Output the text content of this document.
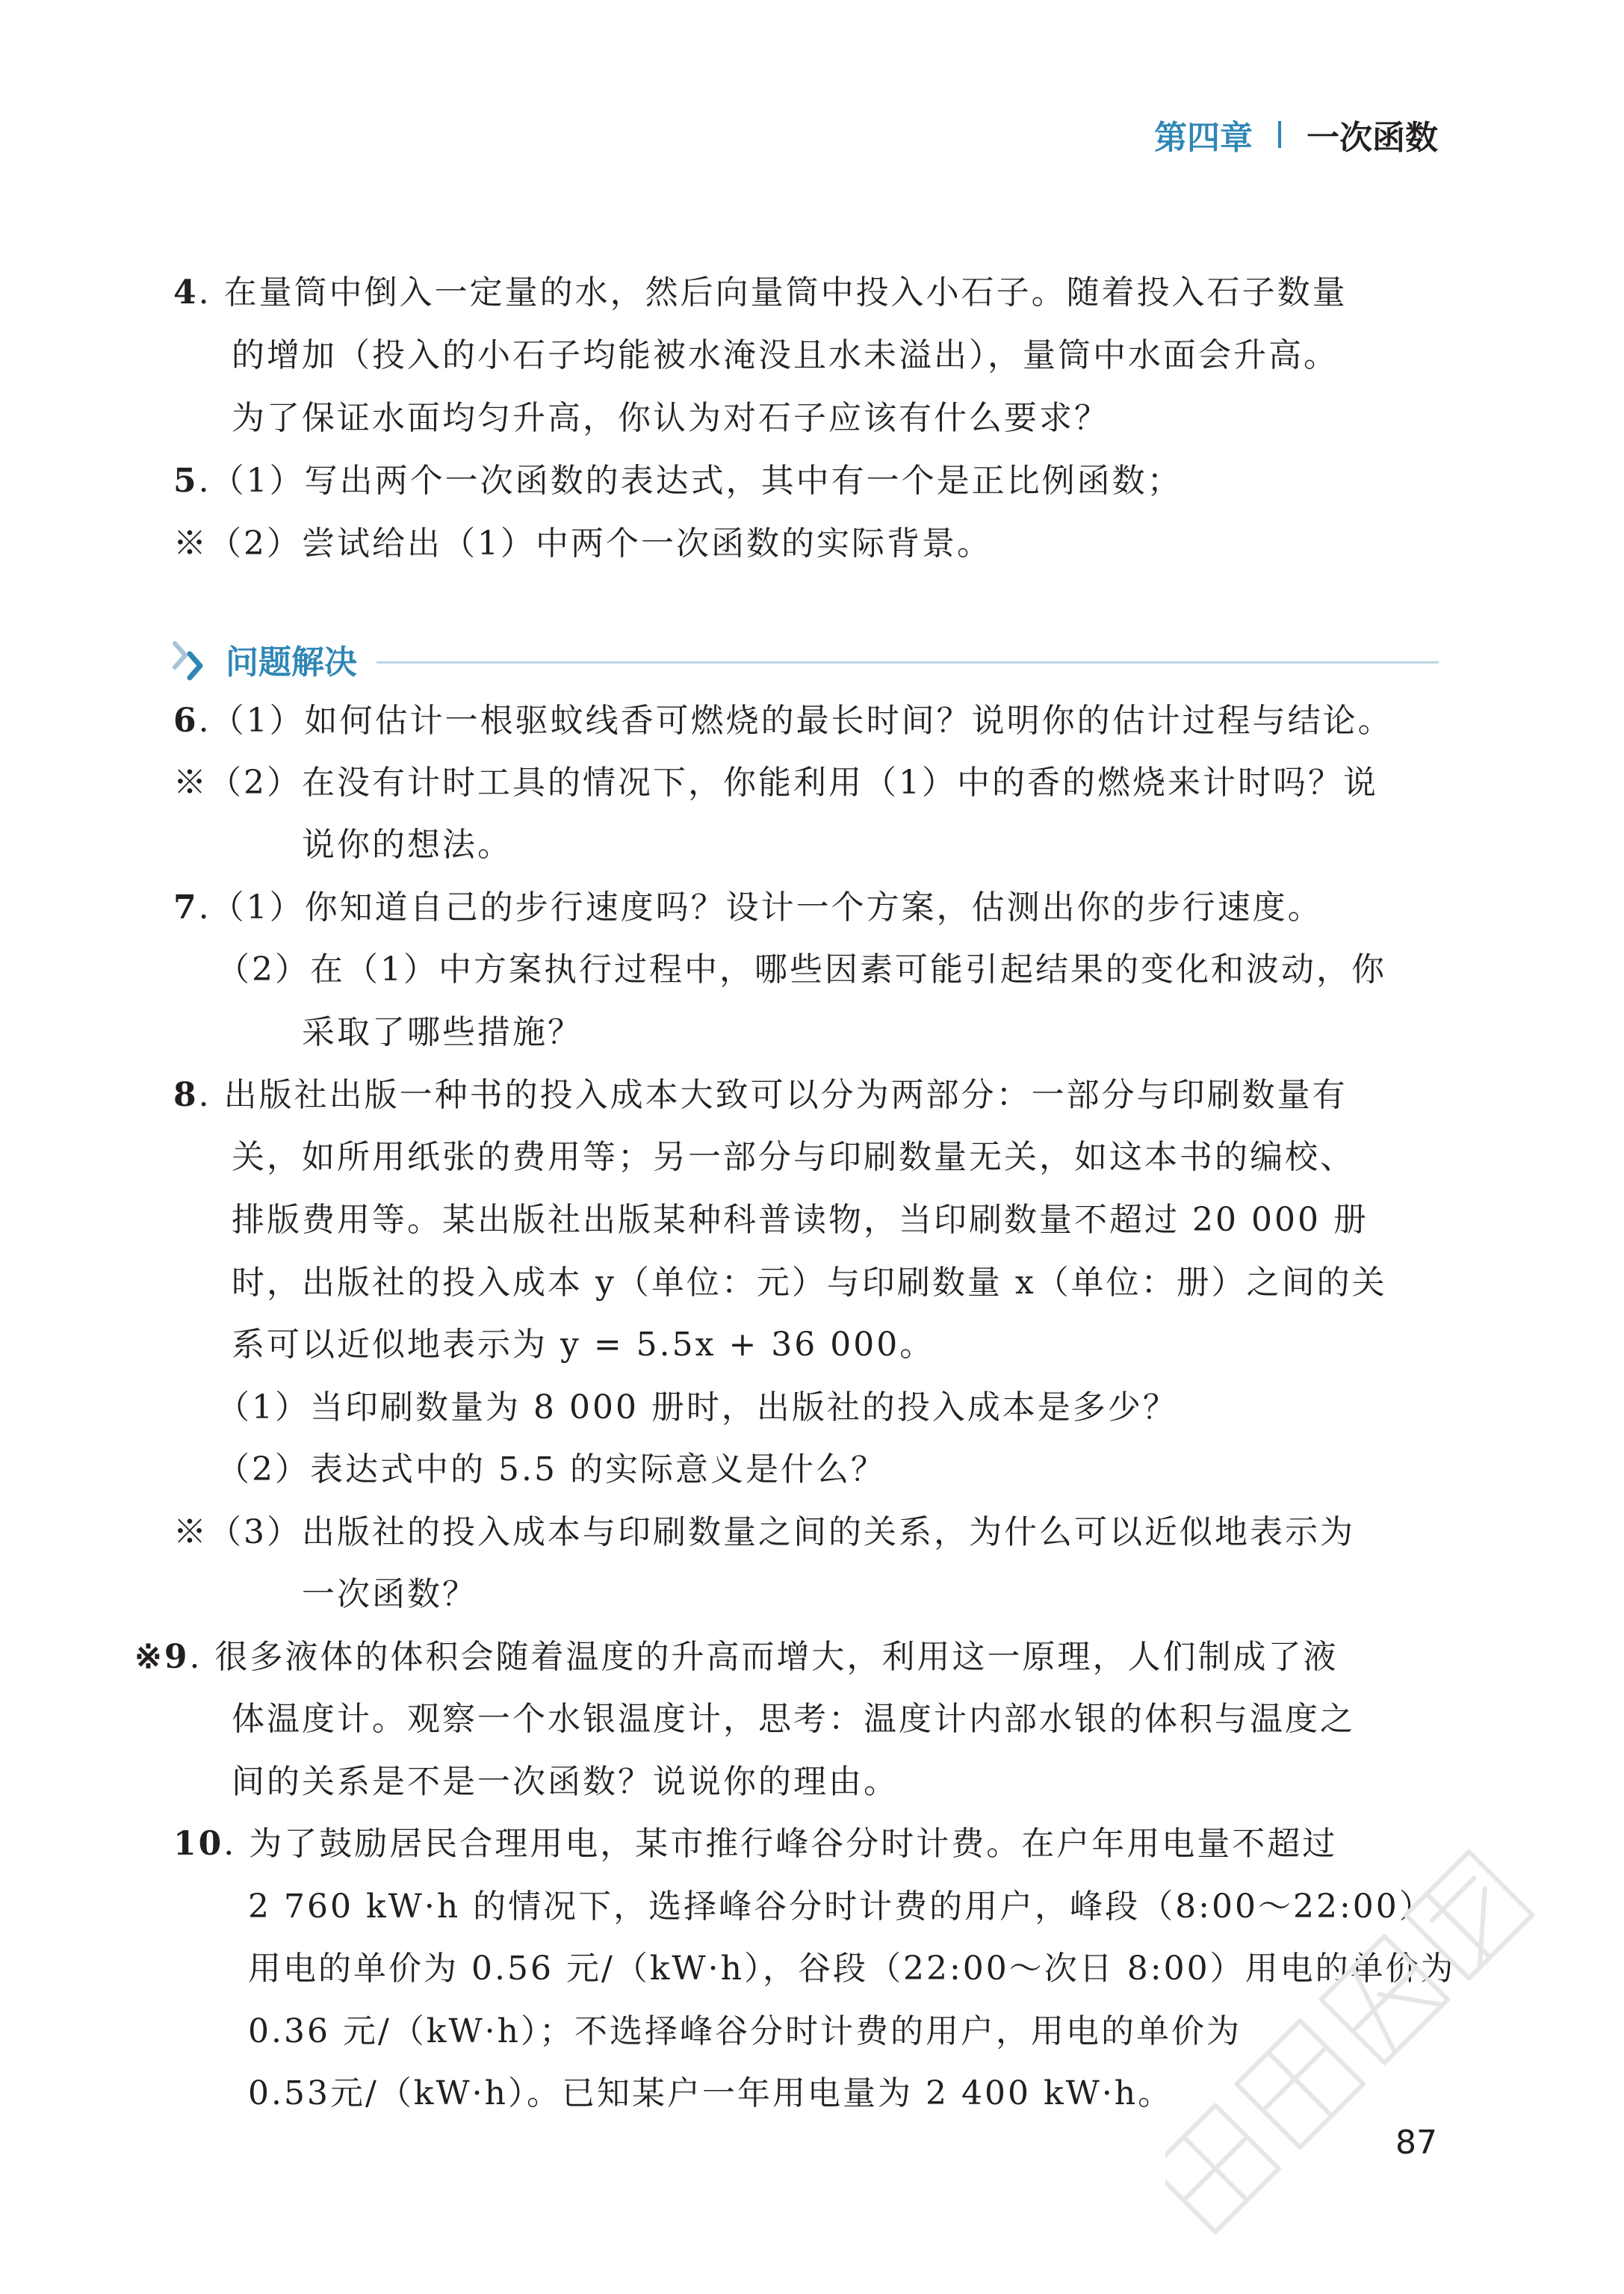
第四章 一次函数
4. 在量筒中倒入一定量的水，然后向量筒中投入小石子。随着投入石子数量
的增加（投入的小石子均能被水淹没且水未溢出），量筒中水面会升高。
为了保证水面均匀升高，你认为对石子应该有什么要求？
5.（1）写出两个一次函数的表达式，其中有一个是正比例函数；
※（2）尝试给出（1）中两个一次函数的实际背景。
问题解决
6.（1）如何估计一根驱蚊线香可燃烧的最长时间？说明你的估计过程与结论。
※（2）在没有计时工具的情况下，你能利用（1）中的香的燃烧来计时吗？说
说你的想法。
7.（1）你知道自己的步行速度吗？设计一个方案，估测出你的步行速度。
（2）在（1）中方案执行过程中，哪些因素可能引起结果的变化和波动，你
采取了哪些措施？
8. 出版社出版一种书的投入成本大致可以分为两部分：一部分与印刷数量有
关，如所用纸张的费用等；另一部分与印刷数量无关，如这本书的编校、
排版费用等。某出版社出版某种科普读物，当印刷数量不超过 20 000 册
时，出版社的投入成本 y（单位：元）与印刷数量 x（单位：册）之间的关
系可以近似地表示为 y = 5.5x + 36 000。
（1）当印刷数量为 8 000 册时，出版社的投入成本是多少？
（2）表达式中的 5.5 的实际意义是什么？
※（3）出版社的投入成本与印刷数量之间的关系，为什么可以近似地表示为
一次函数？
※9. 很多液体的体积会随着温度的升高而增大，利用这一原理，人们制成了液
体温度计。观察一个水银温度计，思考：温度计内部水银的体积与温度之
间的关系是不是一次函数？说说你的理由。
10. 为了鼓励居民合理用电，某市推行峰谷分时计费。在户年用电量不超过
2 760 kW·h 的情况下，选择峰谷分时计费的用户，峰段（8:00～22:00）
用电的单价为 0.56 元/（kW·h），谷段（22:00～次日 8:00）用电的单价为
0.36 元/（kW·h）；不选择峰谷分时计费的用户，用电的单价为
0.53元/（kW·h）。已知某户一年用电量为 2 400 kW·h。
87
